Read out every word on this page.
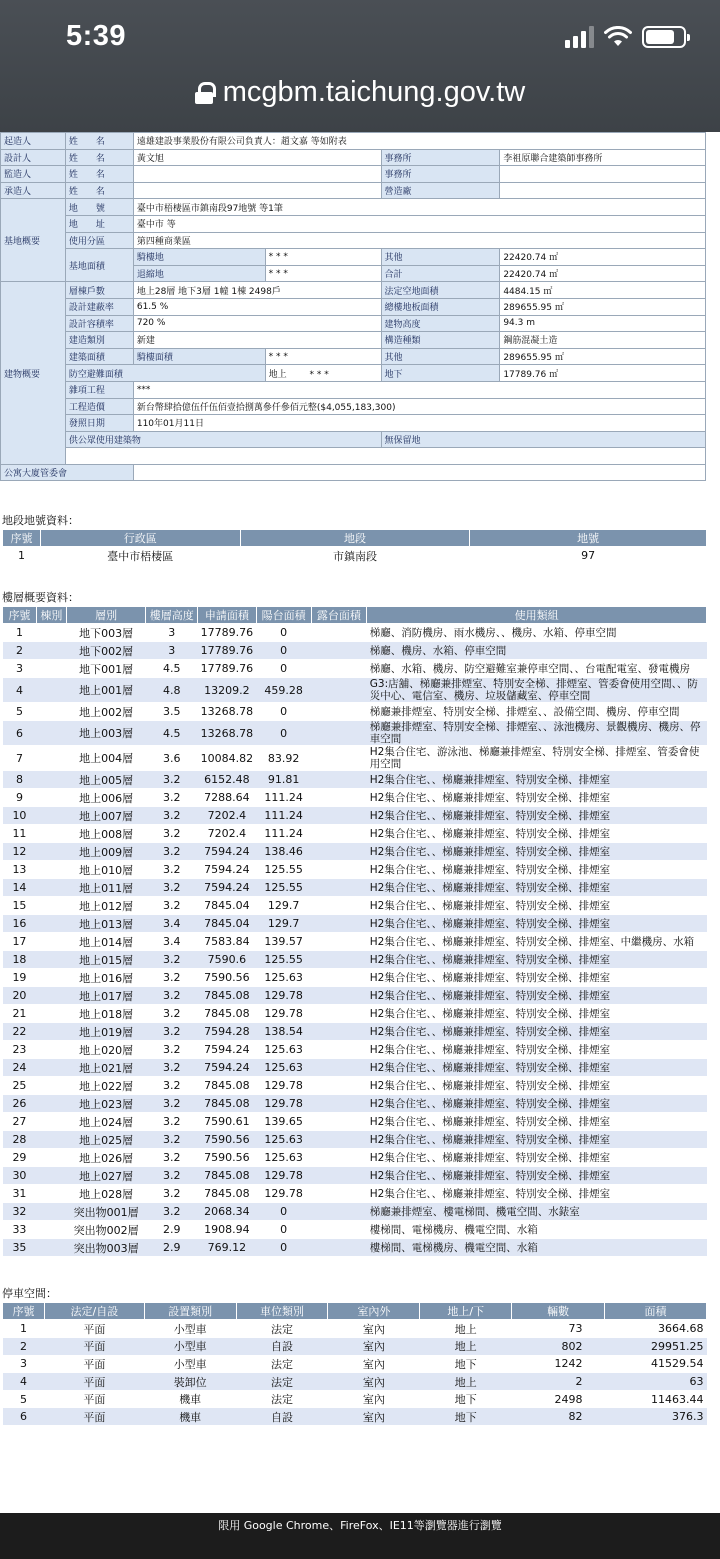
5:39
mcgbm.taichung.gov.tw
起造人	姓　　名	遠雄建設事業股份有限公司負責人：趙文嘉 等如附表			
設計人	姓　　名	黃文旭		事務所	李祖原聯合建築師事務所
監造人	姓　　名			事務所	
承造人	姓　　名			營造廠	
基地概要	地　　號	臺中市梧棲區市鎮南段97地號 等1筆			
	地　　址	臺中市 等			
	使用分區	第四種商業區			
	基地面積	騎樓地	* * *	其他	22420.74 ㎡
		退縮地	* * *	合計	22420.74 ㎡
建物概要	層棟戶數	地上28層 地下3層 1幢 1棟 2498戶		法定空地面積	4484.15 ㎡
	設計建蔽率	61.5 %		總樓地板面積	289655.95 ㎡
	設計容積率	720 %		建物高度	94.3 m
	建造類別	新建		構造種類	鋼筋混凝土造
	建築面積	騎樓面積	* * *	其他	289655.95 ㎡
	防空避難面積		地上 * * *	地下	17789.76 ㎡
	雜項工程	***			
	工程造價	新台幣肆拾億伍仟伍佰壹拾捌萬參仟參佰元整($4,055,183,300)			
	發照日期	110年01月11日			
	供公眾使用建築物			無保留地	

公寓大廈管委會					
地段地號資料：
序號	行政區	地段	地號
1	臺中市梧棲區	市鎮南段	97
樓層概要資料：
序號	棟別	層別	樓層高度	申請面積	陽台面積	露台面積	使用類組
1		地下003層	3	17789.76	0		梯廳、消防機房、雨水機房、、機房、水箱、停車空間
2		地下002層	3	17789.76	0		梯廳、機房、水箱、停車空間
3		地下001層	4.5	17789.76	0		梯廳、水箱、機房、防空避難室兼停車空間、、台電配電室、發電機房
4		地上001層	4.8	13209.2	459.28		G3:店舖、梯廳兼排煙室、特別安全梯、排煙室、管委會使用空間、、防災中心、電信室、機房、垃圾儲藏室、停車空間
5		地上002層	3.5	13268.78	0		梯廳兼排煙室、特別安全梯、排煙室、、設備空間、機房、停車空間
6		地上003層	4.5	13268.78	0		梯廳兼排煙室、特別安全梯、排煙室、、泳池機房、景觀機房、機房、停車空間
7		地上004層	3.6	10084.82	83.92		H2集合住宅、游泳池、梯廳兼排煙室、特別安全梯、排煙室、管委會使用空間
8		地上005層	3.2	6152.48	91.81		H2集合住宅、、梯廳兼排煙室、特別安全梯、排煙室
9		地上006層	3.2	7288.64	111.24		H2集合住宅、、梯廳兼排煙室、特別安全梯、排煙室
10		地上007層	3.2	7202.4	111.24		H2集合住宅、、梯廳兼排煙室、特別安全梯、排煙室
11		地上008層	3.2	7202.4	111.24		H2集合住宅、、梯廳兼排煙室、特別安全梯、排煙室
12		地上009層	3.2	7594.24	138.46		H2集合住宅、、梯廳兼排煙室、特別安全梯、排煙室
13		地上010層	3.2	7594.24	125.55		H2集合住宅、、梯廳兼排煙室、特別安全梯、排煙室
14		地上011層	3.2	7594.24	125.55		H2集合住宅、、梯廳兼排煙室、特別安全梯、排煙室
15		地上012層	3.2	7845.04	129.7		H2集合住宅、、梯廳兼排煙室、特別安全梯、排煙室
16		地上013層	3.4	7845.04	129.7		H2集合住宅、、梯廳兼排煙室、特別安全梯、排煙室
17		地上014層	3.4	7583.84	139.57		H2集合住宅、、梯廳兼排煙室、特別安全梯、排煙室、中繼機房、水箱
18		地上015層	3.2	7590.6	125.55		H2集合住宅、、梯廳兼排煙室、特別安全梯、排煙室
19		地上016層	3.2	7590.56	125.63		H2集合住宅、、梯廳兼排煙室、特別安全梯、排煙室
20		地上017層	3.2	7845.08	129.78		H2集合住宅、、梯廳兼排煙室、特別安全梯、排煙室
21		地上018層	3.2	7845.08	129.78		H2集合住宅、、梯廳兼排煙室、特別安全梯、排煙室
22		地上019層	3.2	7594.28	138.54		H2集合住宅、、梯廳兼排煙室、特別安全梯、排煙室
23		地上020層	3.2	7594.24	125.63		H2集合住宅、、梯廳兼排煙室、特別安全梯、排煙室
24		地上021層	3.2	7594.24	125.63		H2集合住宅、、梯廳兼排煙室、特別安全梯、排煙室
25		地上022層	3.2	7845.08	129.78		H2集合住宅、、梯廳兼排煙室、特別安全梯、排煙室
26		地上023層	3.2	7845.08	129.78		H2集合住宅、、梯廳兼排煙室、特別安全梯、排煙室
27		地上024層	3.2	7590.61	139.65		H2集合住宅、、梯廳兼排煙室、特別安全梯、排煙室
28		地上025層	3.2	7590.56	125.63		H2集合住宅、、梯廳兼排煙室、特別安全梯、排煙室
29		地上026層	3.2	7590.56	125.63		H2集合住宅、、梯廳兼排煙室、特別安全梯、排煙室
30		地上027層	3.2	7845.08	129.78		H2集合住宅、、梯廳兼排煙室、特別安全梯、排煙室
31		地上028層	3.2	7845.08	129.78		H2集合住宅、、梯廳兼排煙室、特別安全梯、排煙室
32		突出物001層	3.2	2068.34	0		梯廳兼排煙室、樓電梯間、機電空間、水錶室
33		突出物002層	2.9	1908.94	0		樓梯間、電梯機房、機電空間、水箱
35		突出物003層	2.9	769.12	0		樓梯間、電梯機房、機電空間、水箱
停車空間：
序號	法定/自設	設置類別	車位類別	室內外	地上/下	輛數	面積
1	平面	小型車	法定	室內	地上	73	3664.68
2	平面	小型車	自設	室內	地上	802	29951.25
3	平面	小型車	法定	室內	地下	1242	41529.54
4	平面	裝卸位	法定	室內	地上	2	63
5	平面	機車	法定	室內	地下	2498	11463.44
6	平面	機車	自設	室內	地下	82	376.3
限用 Google Chrome、FireFox、IE11等瀏覽器進行瀏覽
